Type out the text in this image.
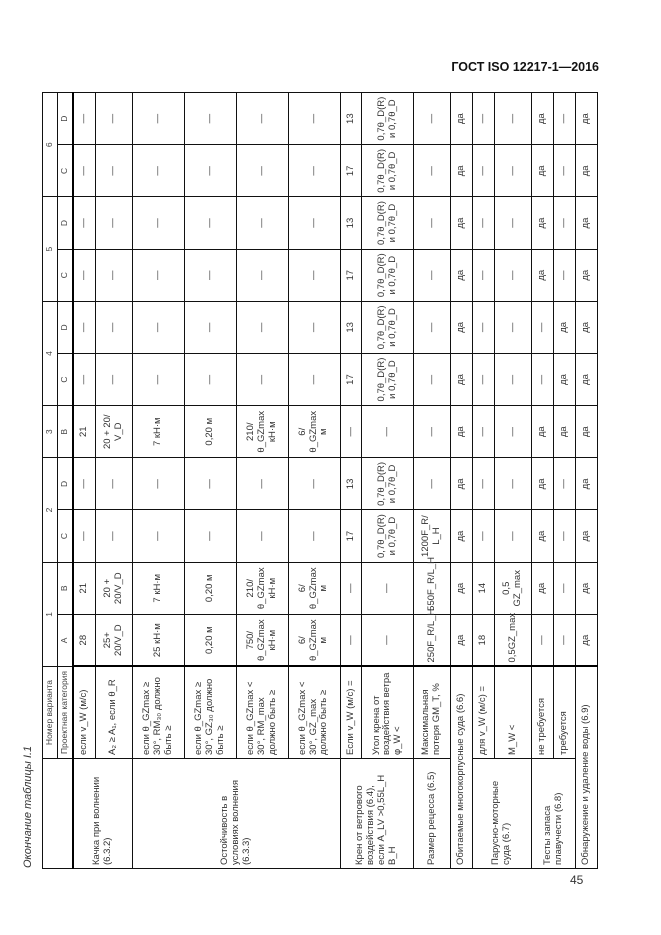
ГОСТ ISO 12217-1—2016
Окончание таблицы I.1
45
	Номер варианта	1		2		3	4		5		6	
	Проектная категория	A	B	C	D	B	C	D	C	D	C	D
Качка при волнении (6.3.2)	если v_W (м/с)	28	21	—	—	21	—	—	—	—	—	—
	A₂ ≥ A₁, если θ_R	25+ 20/V_D	20 + 20/V_D	—	—	20 + 20/ V_D	—	—	—	—	—	—
Остойчивость в условиях волнения (6.3.3)	если θ_GZmax ≥ 30°, RM₃₀ должно быть ≥	25 кН·м	7 кН·м	—	—	7 кН·м	—	—	—	—	—	—
	если θ_GZmax ≥ 30°, GZ₃₀ должно быть ≥	0,20 м	0,20 м	—	—	0,20 м	—	—	—	—	—	—
	если θ_GZmax < 30°, RM_max должно быть ≥	750/ θ_GZmax кН·м	210/ θ_GZmax кН·м	—	—	210/ θ_GZmax кН·м	—	—	—	—	—	—
	если θ_GZmax < 30°, GZ_max должно быть ≥	6/ θ_GZmax м	6/ θ_GZmax м	—	—	6/ θ_GZmax м	—	—	—	—	—	—
Крен от ветрового воздействия (6.4), если A_LV >0,55L_H B_H	Если v_W (м/с) =	—	—	17	13	—	17	13	17	13	17	13
	Угол крена от воздействия ветра φ_W <	—	—	0,7θ_D(R) и 0,7θ_D	0,7θ_D(R) и 0,7θ_D	—	0,7θ_D(R) и 0,7θ_D	0,7θ_D(R) и 0,7θ_D	0,7θ_D(R) и 0,7θ_D	0,7θ_D(R) и 0,7θ_D	0,7θ_D(R) и 0,7θ_D	0,7θ_D(R) и 0,7θ_D
Размер рецесса (6.5)	Максимальная потеря GM_T, %	250F_R/L_H	550F_R/L_H	1200F_R/ L_H	—	—	—	—	—	—	—	—
Обитаемые многокорпусные суда (6.6)		да	да	да	да	да	да	да	да	да	да	да
Парусно-моторные суда (6.7)	для v_W (м/с) =	18	14	—	—	—	—	—	—	—	—	—
	M_W <	0,5GZ_max	0,5 GZ_max	—	—	—	—	—	—	—	—	—
Тесты запаса плавучести (6.8)	не требуется	—	да	да	да	да	—	—	да	да	да	да
	требуется	—	—	—	—	да	да	да	—	—	—	—
Обнаружение и удаление воды (6.9)		да	да	да	да	да	да	да	да	да	да	да
